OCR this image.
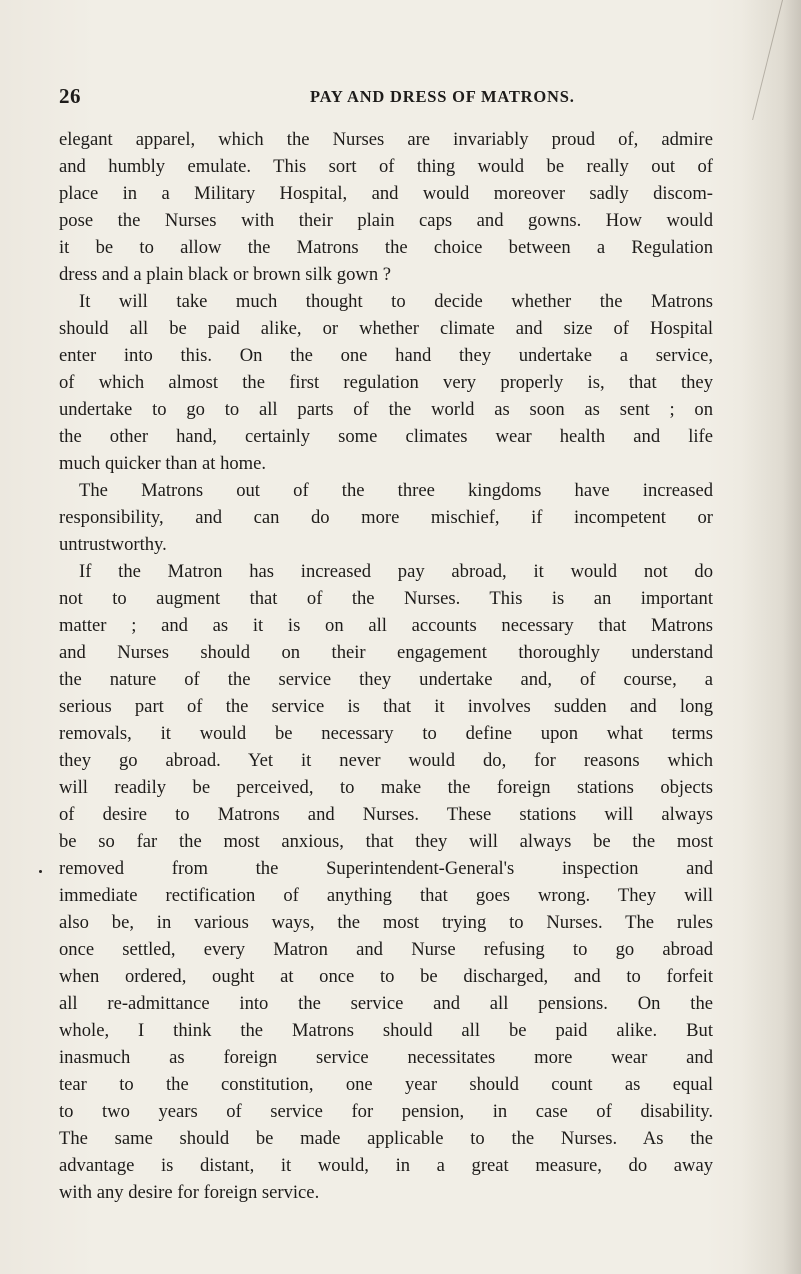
26	PAY AND DRESS OF MATRONS.
elegant apparel, which the Nurses are invariably proud of, admire
and humbly emulate. This sort of thing would be really out of
place in a Military Hospital, and would moreover sadly discom-
pose the Nurses with their plain caps and gowns. How would
it be to allow the Matrons the choice between a Regulation
dress and a plain black or brown silk gown ?
It will take much thought to decide whether the Matrons
should all be paid alike, or whether climate and size of Hospital
enter into this. On the one hand they undertake a service,
of which almost the first regulation very properly is, that they
undertake to go to all parts of the world as soon as sent ; on
the other hand, certainly some climates wear health and life
much quicker than at home.
The Matrons out of the three kingdoms have increased
responsibility, and can do more mischief, if incompetent or
untrustworthy.
If the Matron has increased pay abroad, it would not do
not to augment that of the Nurses. This is an important
matter ; and as it is on all accounts necessary that Matrons
and Nurses should on their engagement thoroughly understand
the nature of the service they undertake and, of course, a
serious part of the service is that it involves sudden and long
removals, it would be necessary to define upon what terms
they go abroad. Yet it never would do, for reasons which
will readily be perceived, to make the foreign stations objects
of desire to Matrons and Nurses. These stations will always
be so far the most anxious, that they will always be the most
removed from the Superintendent-General's inspection and
immediate rectification of anything that goes wrong. They will
also be, in various ways, the most trying to Nurses. The rules
once settled, every Matron and Nurse refusing to go abroad
when ordered, ought at once to be discharged, and to forfeit
all re-admittance into the service and all pensions. On the
whole, I think the Matrons should all be paid alike. But
inasmuch as foreign service necessitates more wear and
tear to the constitution, one year should count as equal
to two years of service for pension, in case of disability.
The same should be made applicable to the Nurses. As the
advantage is distant, it would, in a great measure, do away
with any desire for foreign service.
